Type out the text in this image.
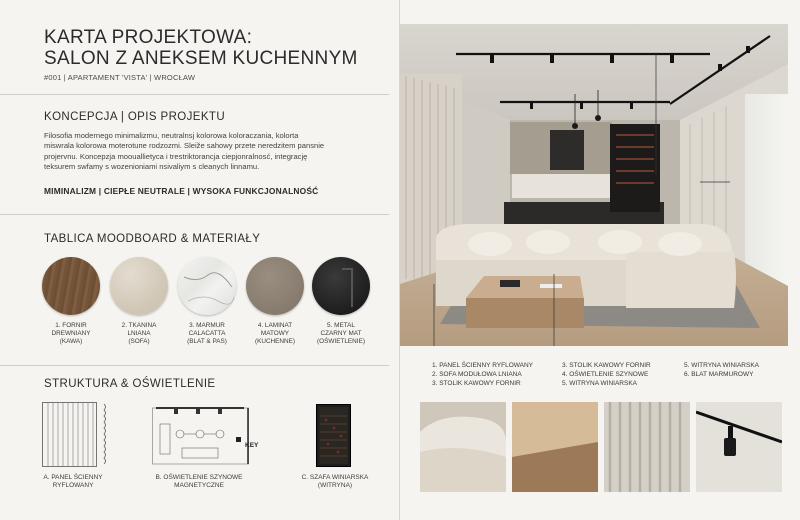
KARTA PROJEKTOWA:
SALON Z ANEKSEM KUCHENNYM
#001 | APARTAMENT 'VISTA' | WROCŁAW
KONCEPCJA | OPIS PROJEKTU
Filosofia modernego minimalizmu, neutralnsj kolorowa koloraczania, kolorta
miswrala kolorowa moterotuпе rodzozmi. Sleiže sahowy przete neredzitem pansnie
projervnu. Koncepzja moouallietyca i trestriktorancja ciepjonralnosć, integrację
teksurem swfamy s wozenioniami nsivaliym s cleanych linnamu.
MIMINALIZM | CIEPŁE NEUTRALE | WYSOKA FUNKCJONALNOŚĆ
TABLICA MOODBOARD & MATERIAŁY
1. FORNIR
DREWNIANY
(KAWA)
2. TKANINA
LNIANA
(SOFA)
3. MARMUR
CALACATTA
(BLAT & PAS)
4. LAMINAT
MATOWY
(KUCHENNE)
5. METAL
CZARNY MAT
(OŚWIETLENIE)
STRUKTURA & OŚWIETLENIE
KEY
A. PANEL ŚCIENNY
RYFLOWANY
B. OŚWIETLENIE SZYNOWE
MAGNETYCZNE
C. SZAFA WINIARSKA
(WITRYNA)
1. PANEL ŚCIENNY RYFLOWANY
2. SOFA MODUŁOWA LNIANA
3. STOLIK KAWOWY FORNIR
3. STOLIK KAWOWY FORNIR
4. OŚWIETLENIE SZYNOWE
5. WITRYNA WINIARSKA
5. WITRYNA WINIARSKA
6. BLAT MARMUROWY
